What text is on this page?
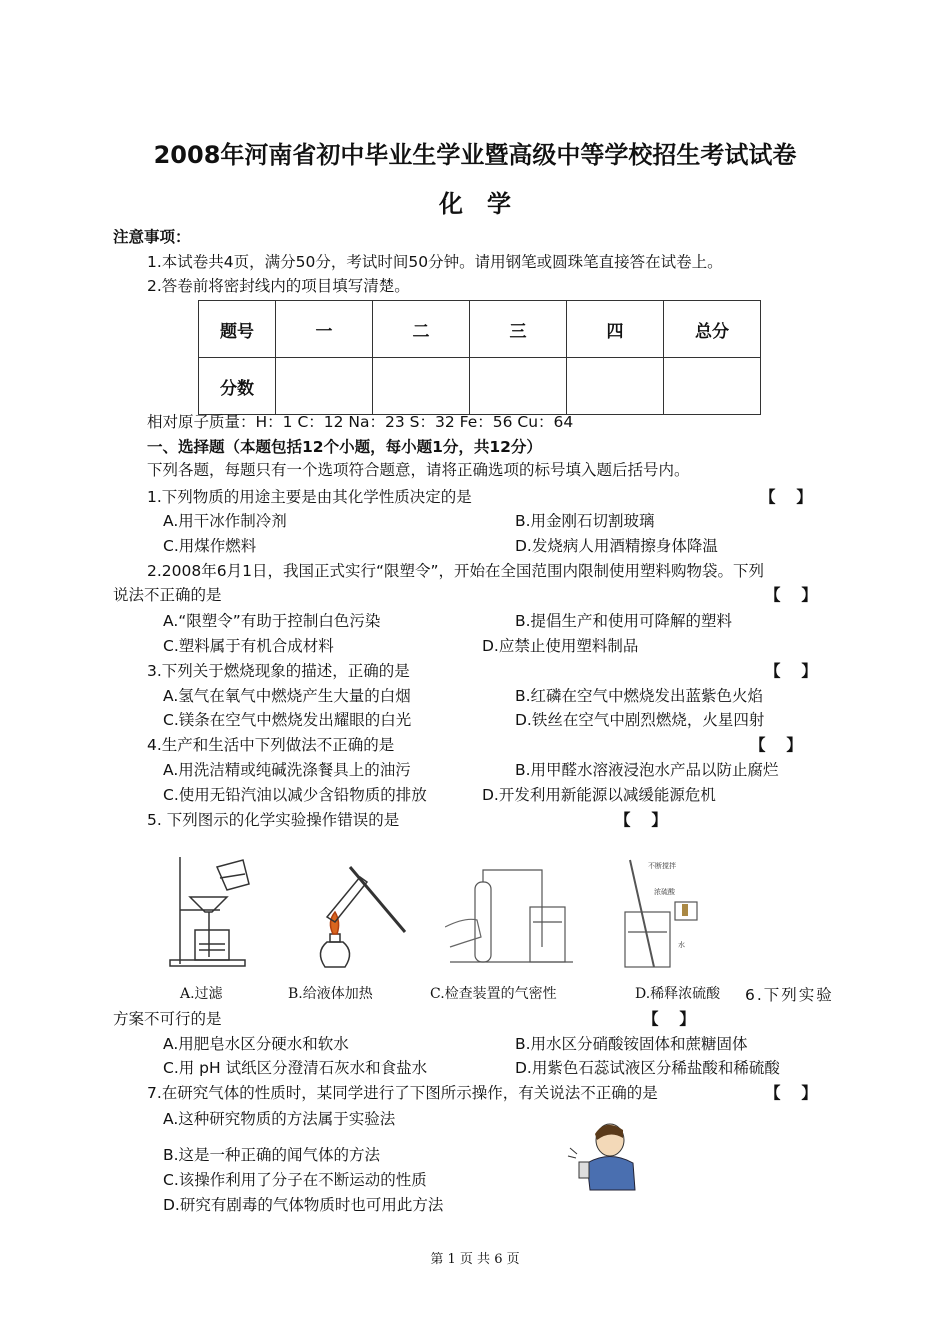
2008年河南省初中毕业生学业暨高级中等学校招生考试试卷
化　学
注意事项：
1.本试卷共4页，满分50分，考试时间50分钟。请用钢笔或圆珠笔直接答在试卷上。
2.答卷前将密封线内的项目填写清楚。
题号	一	二	三	四	总分
分数					
相对原子质量：H：1 C：12 Na：23 S：32 Fe：56 Cu：64
一、选择题（本题包括12个小题，每小题1分，共12分）
下列各题，每题只有一个选项符合题意，请将正确选项的标号填入题后括号内。
1.下列物质的用途主要是由其化学性质决定的是	【　 】
A.用干冰作制冷剂	B.用金刚石切割玻璃
C.用煤作燃料	D.发烧病人用酒精擦身体降温
2.2008年6月1日，我国正式实行“限塑令”，开始在全国范围内限制使用塑料购物袋。下列
说法不正确的是	【　 】
A.“限塑令”有助于控制白色污染	B.提倡生产和使用可降解的塑料
C.塑料属于有机合成材料	D.应禁止使用塑料制品
3.下列关于燃烧现象的描述，正确的是	【　 】
A.氢气在氧气中燃烧产生大量的白烟	B.红磷在空气中燃烧发出蓝紫色火焰
C.镁条在空气中燃烧发出耀眼的白光	D.铁丝在空气中剧烈燃烧，火星四射
4.生产和生活中下列做法不正确的是	【　 】
A.用洗洁精或纯碱洗涤餐具上的油污	B.用甲醛水溶液浸泡水产品以防止腐烂
C.使用无铅汽油以减少含铅物质的排放	D.开发利用新能源以减缓能源危机
5. 下列图示的化学实验操作错误的是	【　 】
不断搅拌
浓硫酸
水
A.过滤	B.给液体加热	C.检查装置的气密性	D.稀释浓硫酸 6.下列实验
方案不可行的是	【　 】
A.用肥皂水区分硬水和软水	B.用水区分硝酸铵固体和蔗糖固体
C.用 pH 试纸区分澄清石灰水和食盐水	D.用紫色石蕊试液区分稀盐酸和稀硫酸
7.在研究气体的性质时，某同学进行了下图所示操作，有关说法不正确的是	【　 】
A.这种研究物质的方法属于实验法
B.这是一种正确的闻气体的方法
C.该操作利用了分子在不断运动的性质
D.研究有剧毒的气体物质时也可用此方法
第 1 页 共 6 页
